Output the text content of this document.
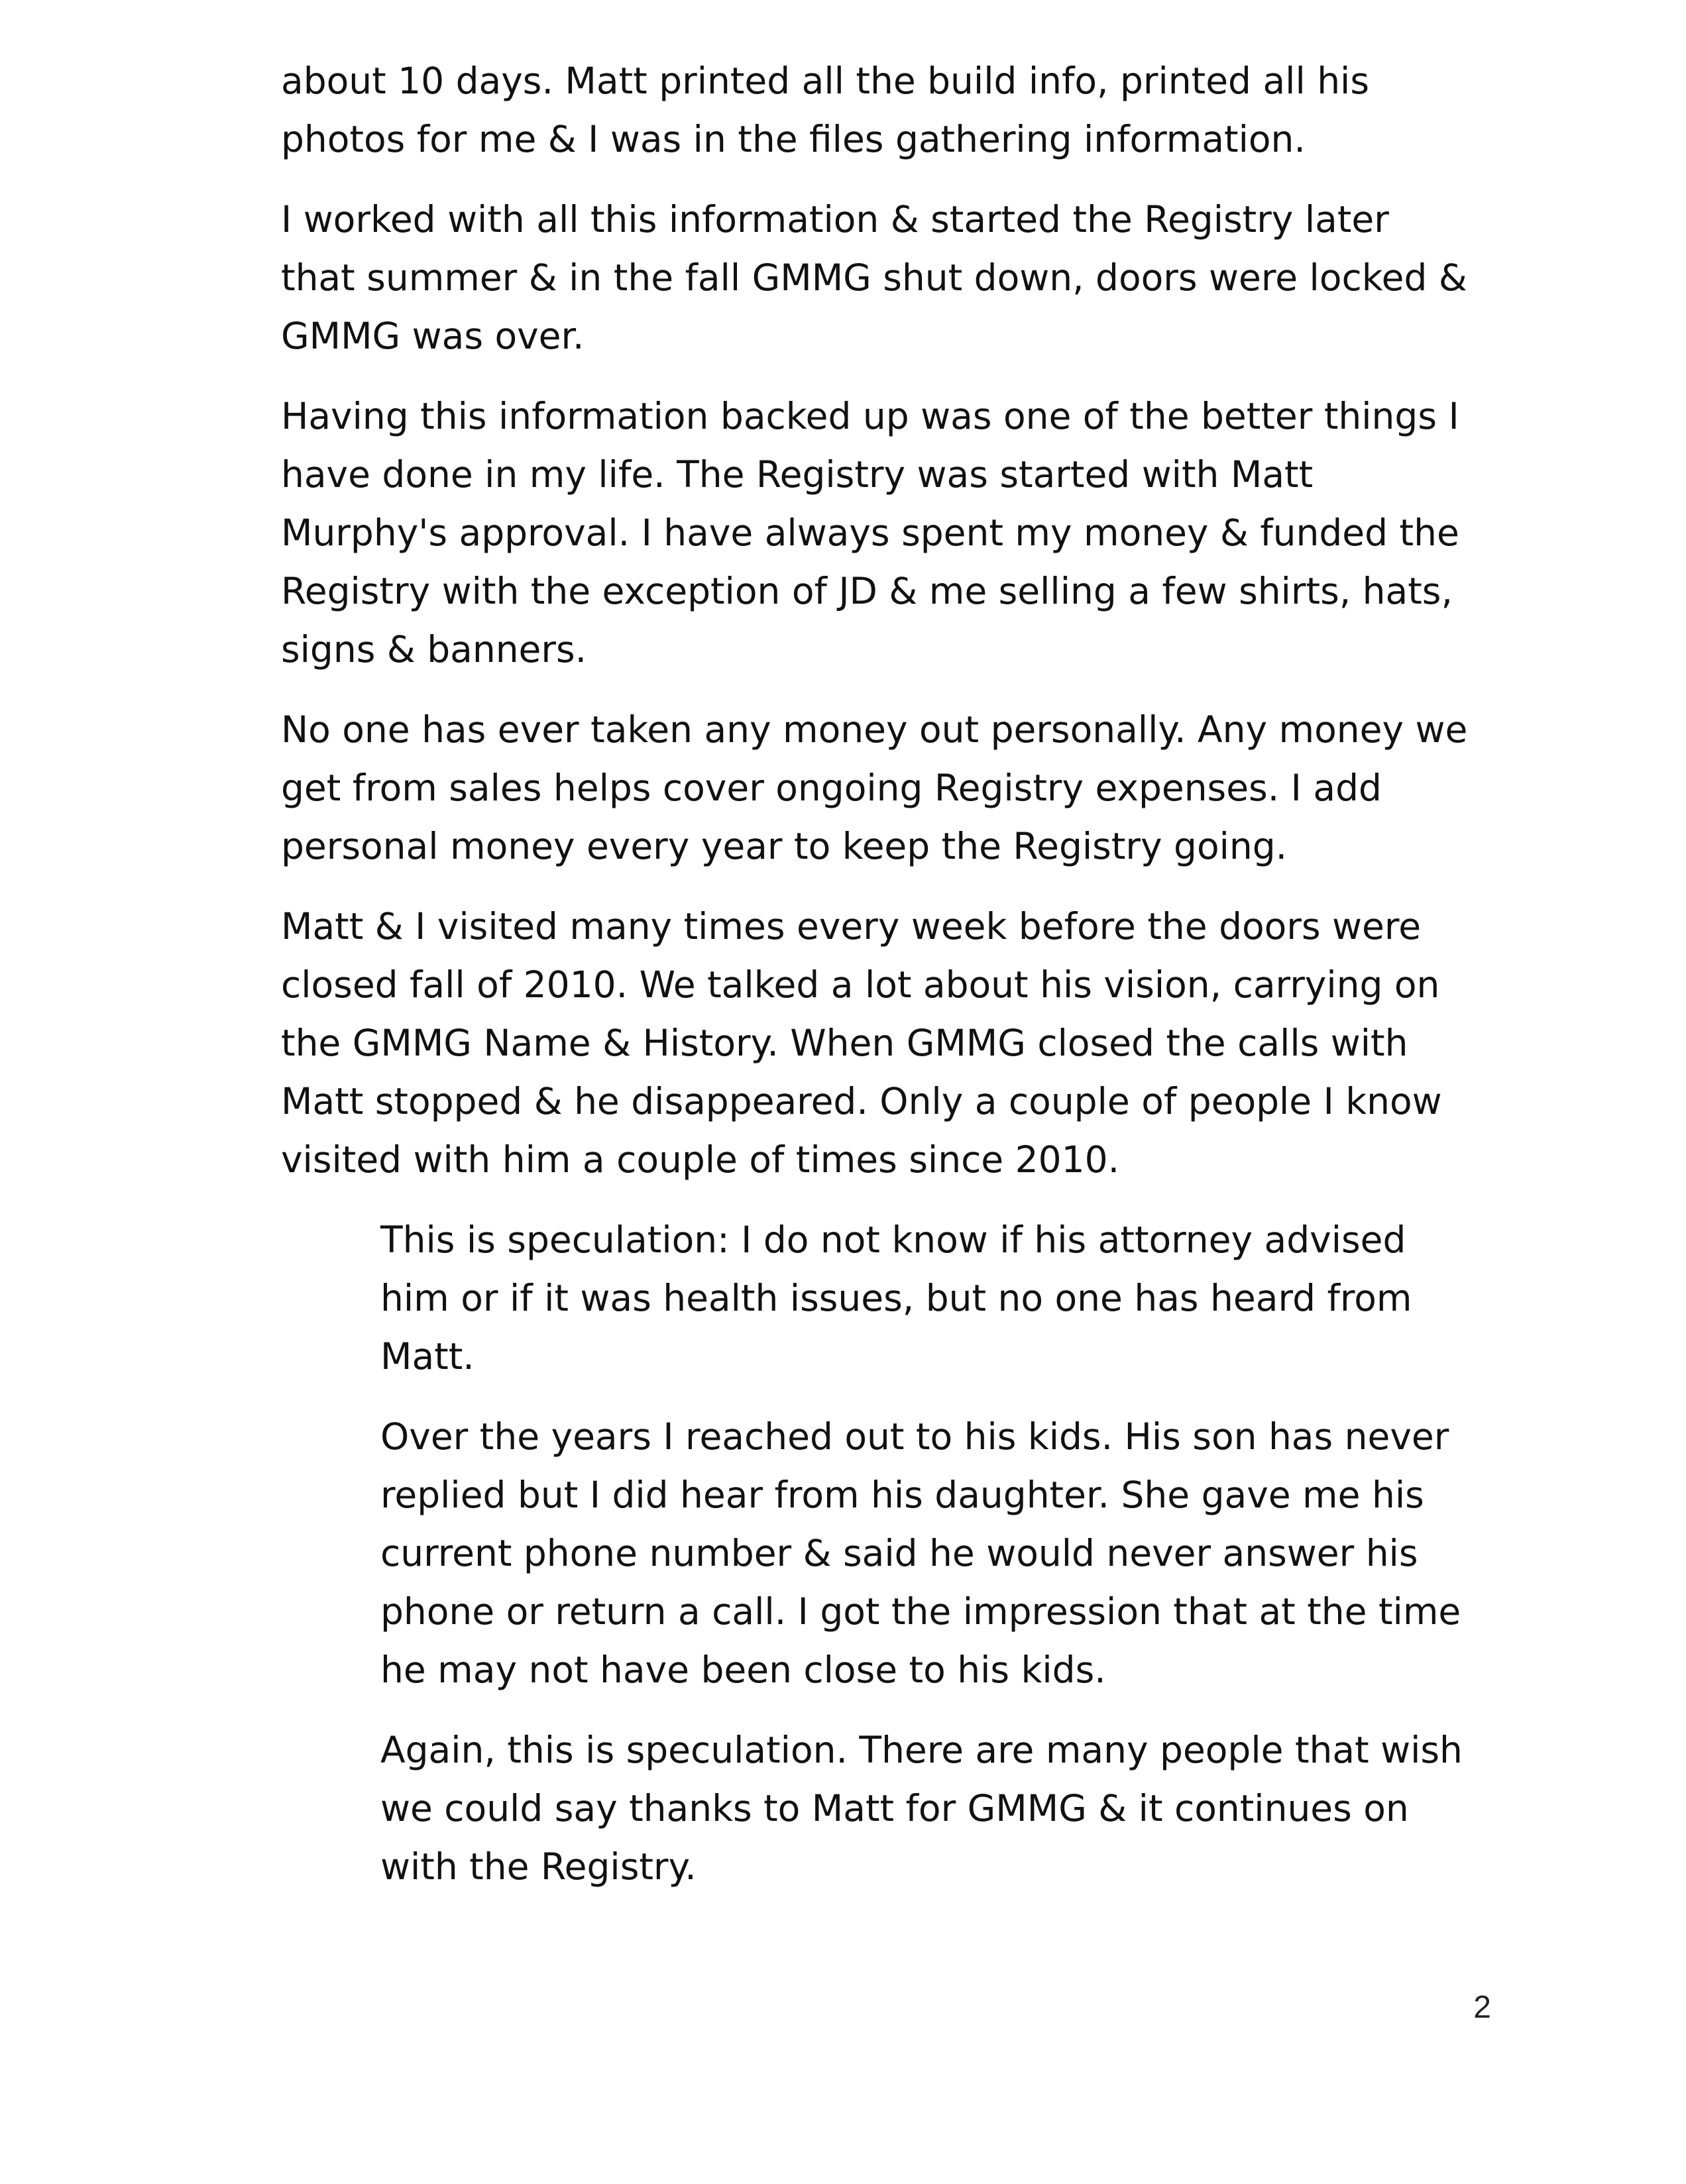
about 10 days. Matt printed all the build info, printed all his
photos for me & I was in the files gathering information.

I worked with all this information & started the Registry later
that summer & in the fall GMMG shut down, doors were locked &
GMMG was over.

Having this information backed up was one of the better things I
have done in my life. The Registry was started with Matt
Murphy's approval. I have always spent my money & funded the
Registry with the exception of JD & me selling a few shirts, hats,
signs & banners.

No one has ever taken any money out personally. Any money we
get from sales helps cover ongoing Registry expenses. I add
personal money every year to keep the Registry going.

Matt & I visited many times every week before the doors were
closed fall of 2010. We talked a lot about his vision, carrying on
the GMMG Name & History. When GMMG closed the calls with
Matt stopped & he disappeared. Only a couple of people I know
visited with him a couple of times since 2010.

This is speculation: I do not know if his attorney advised
him or if it was health issues, but no one has heard from
Matt.

Over the years I reached out to his kids. His son has never
replied but I did hear from his daughter. She gave me his
current phone number & said he would never answer his
phone or return a call. I got the impression that at the time
he may not have been close to his kids.

Again, this is speculation. There are many people that wish
we could say thanks to Matt for GMMG & it continues on
with the Registry.

2
